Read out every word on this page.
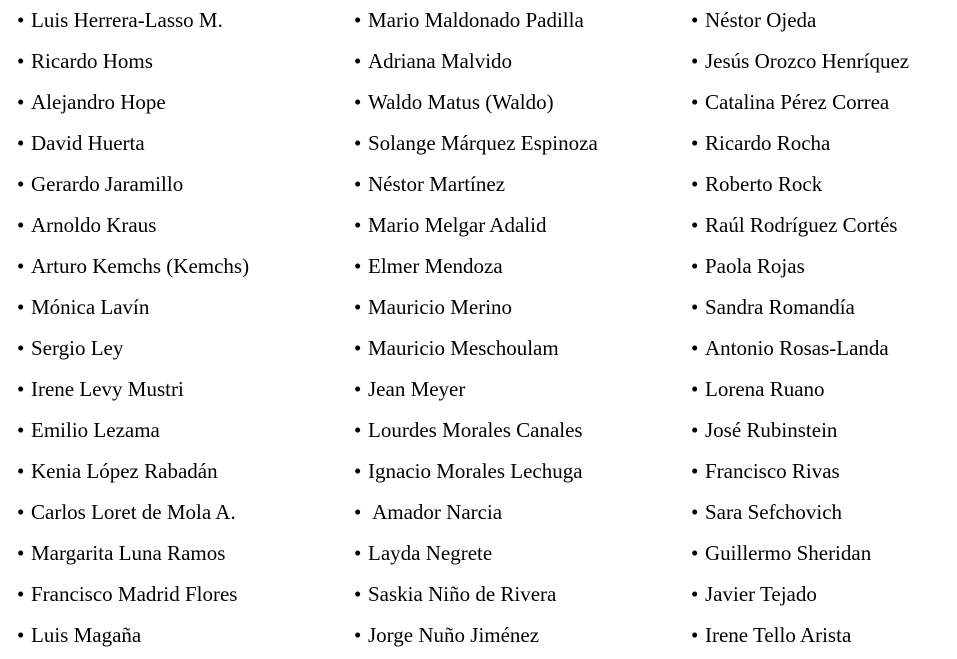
• Luis Herrera-Lasso M.
• Ricardo Homs
• Alejandro Hope
• David Huerta
• Gerardo Jaramillo
• Arnoldo Kraus
• Arturo Kemchs (Kemchs)
• Mónica Lavín
• Sergio Ley
• Irene Levy Mustri
• Emilio Lezama
• Kenia López Rabadán
• Carlos Loret de Mola A.
• Margarita Luna Ramos
• Francisco Madrid Flores
• Luis Magaña
• Mario Maldonado Padilla
• Adriana Malvido
• Waldo Matus (Waldo)
• Solange Márquez Espinoza
• Néstor Martínez
• Mario Melgar Adalid
• Elmer Mendoza
• Mauricio Merino
• Mauricio Meschoulam
• Jean Meyer
• Lourdes Morales Canales
• Ignacio Morales Lechuga
• Amador Narcia
• Layda Negrete
• Saskia Niño de Rivera
• Jorge Nuño Jiménez
• Néstor Ojeda
• Jesús Orozco Henríquez
• Catalina Pérez Correa
• Ricardo Rocha
• Roberto Rock
• Raúl Rodríguez Cortés
• Paola Rojas
• Sandra Romandía
• Antonio Rosas-Landa
• Lorena Ruano
• José Rubinstein
• Francisco Rivas
• Sara Sefchovich
• Guillermo Sheridan
• Javier Tejado
• Irene Tello Arista
